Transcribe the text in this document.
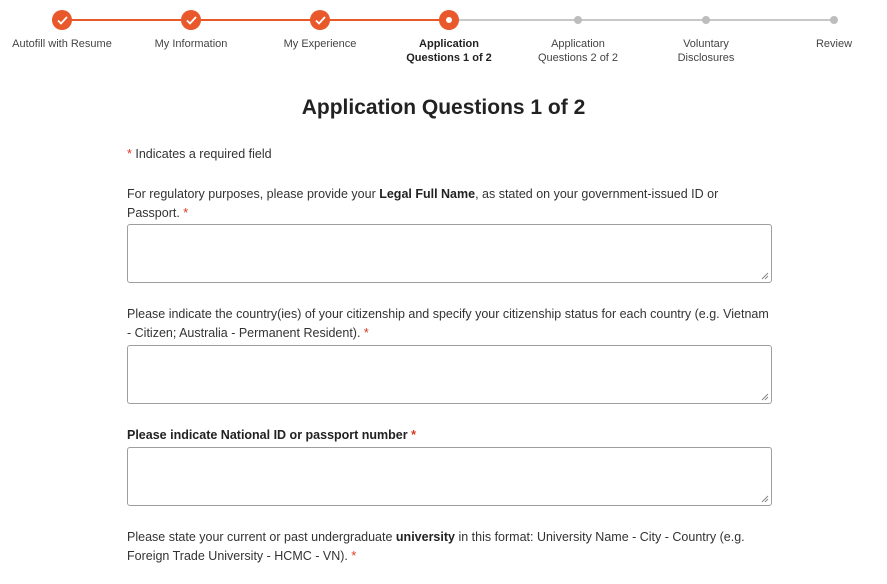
Autofill with Resume	My Information	My Experience	Application
Questions 1 of 2
Application
Questions 2 of 2
Voluntary
Disclosures
Review
Application Questions 1 of 2
* Indicates a required field
For regulatory purposes, please provide your Legal Full Name, as stated on your government-issued ID or Passport. *
Please indicate the country(ies) of your citizenship and specify your citizenship status for each country (e.g. Vietnam - Citizen; Australia - Permanent Resident). *
Please indicate National ID or passport number *
Please state your current or past undergraduate university in this format: University Name - City - Country (e.g. Foreign Trade University - HCMC - VN). *
